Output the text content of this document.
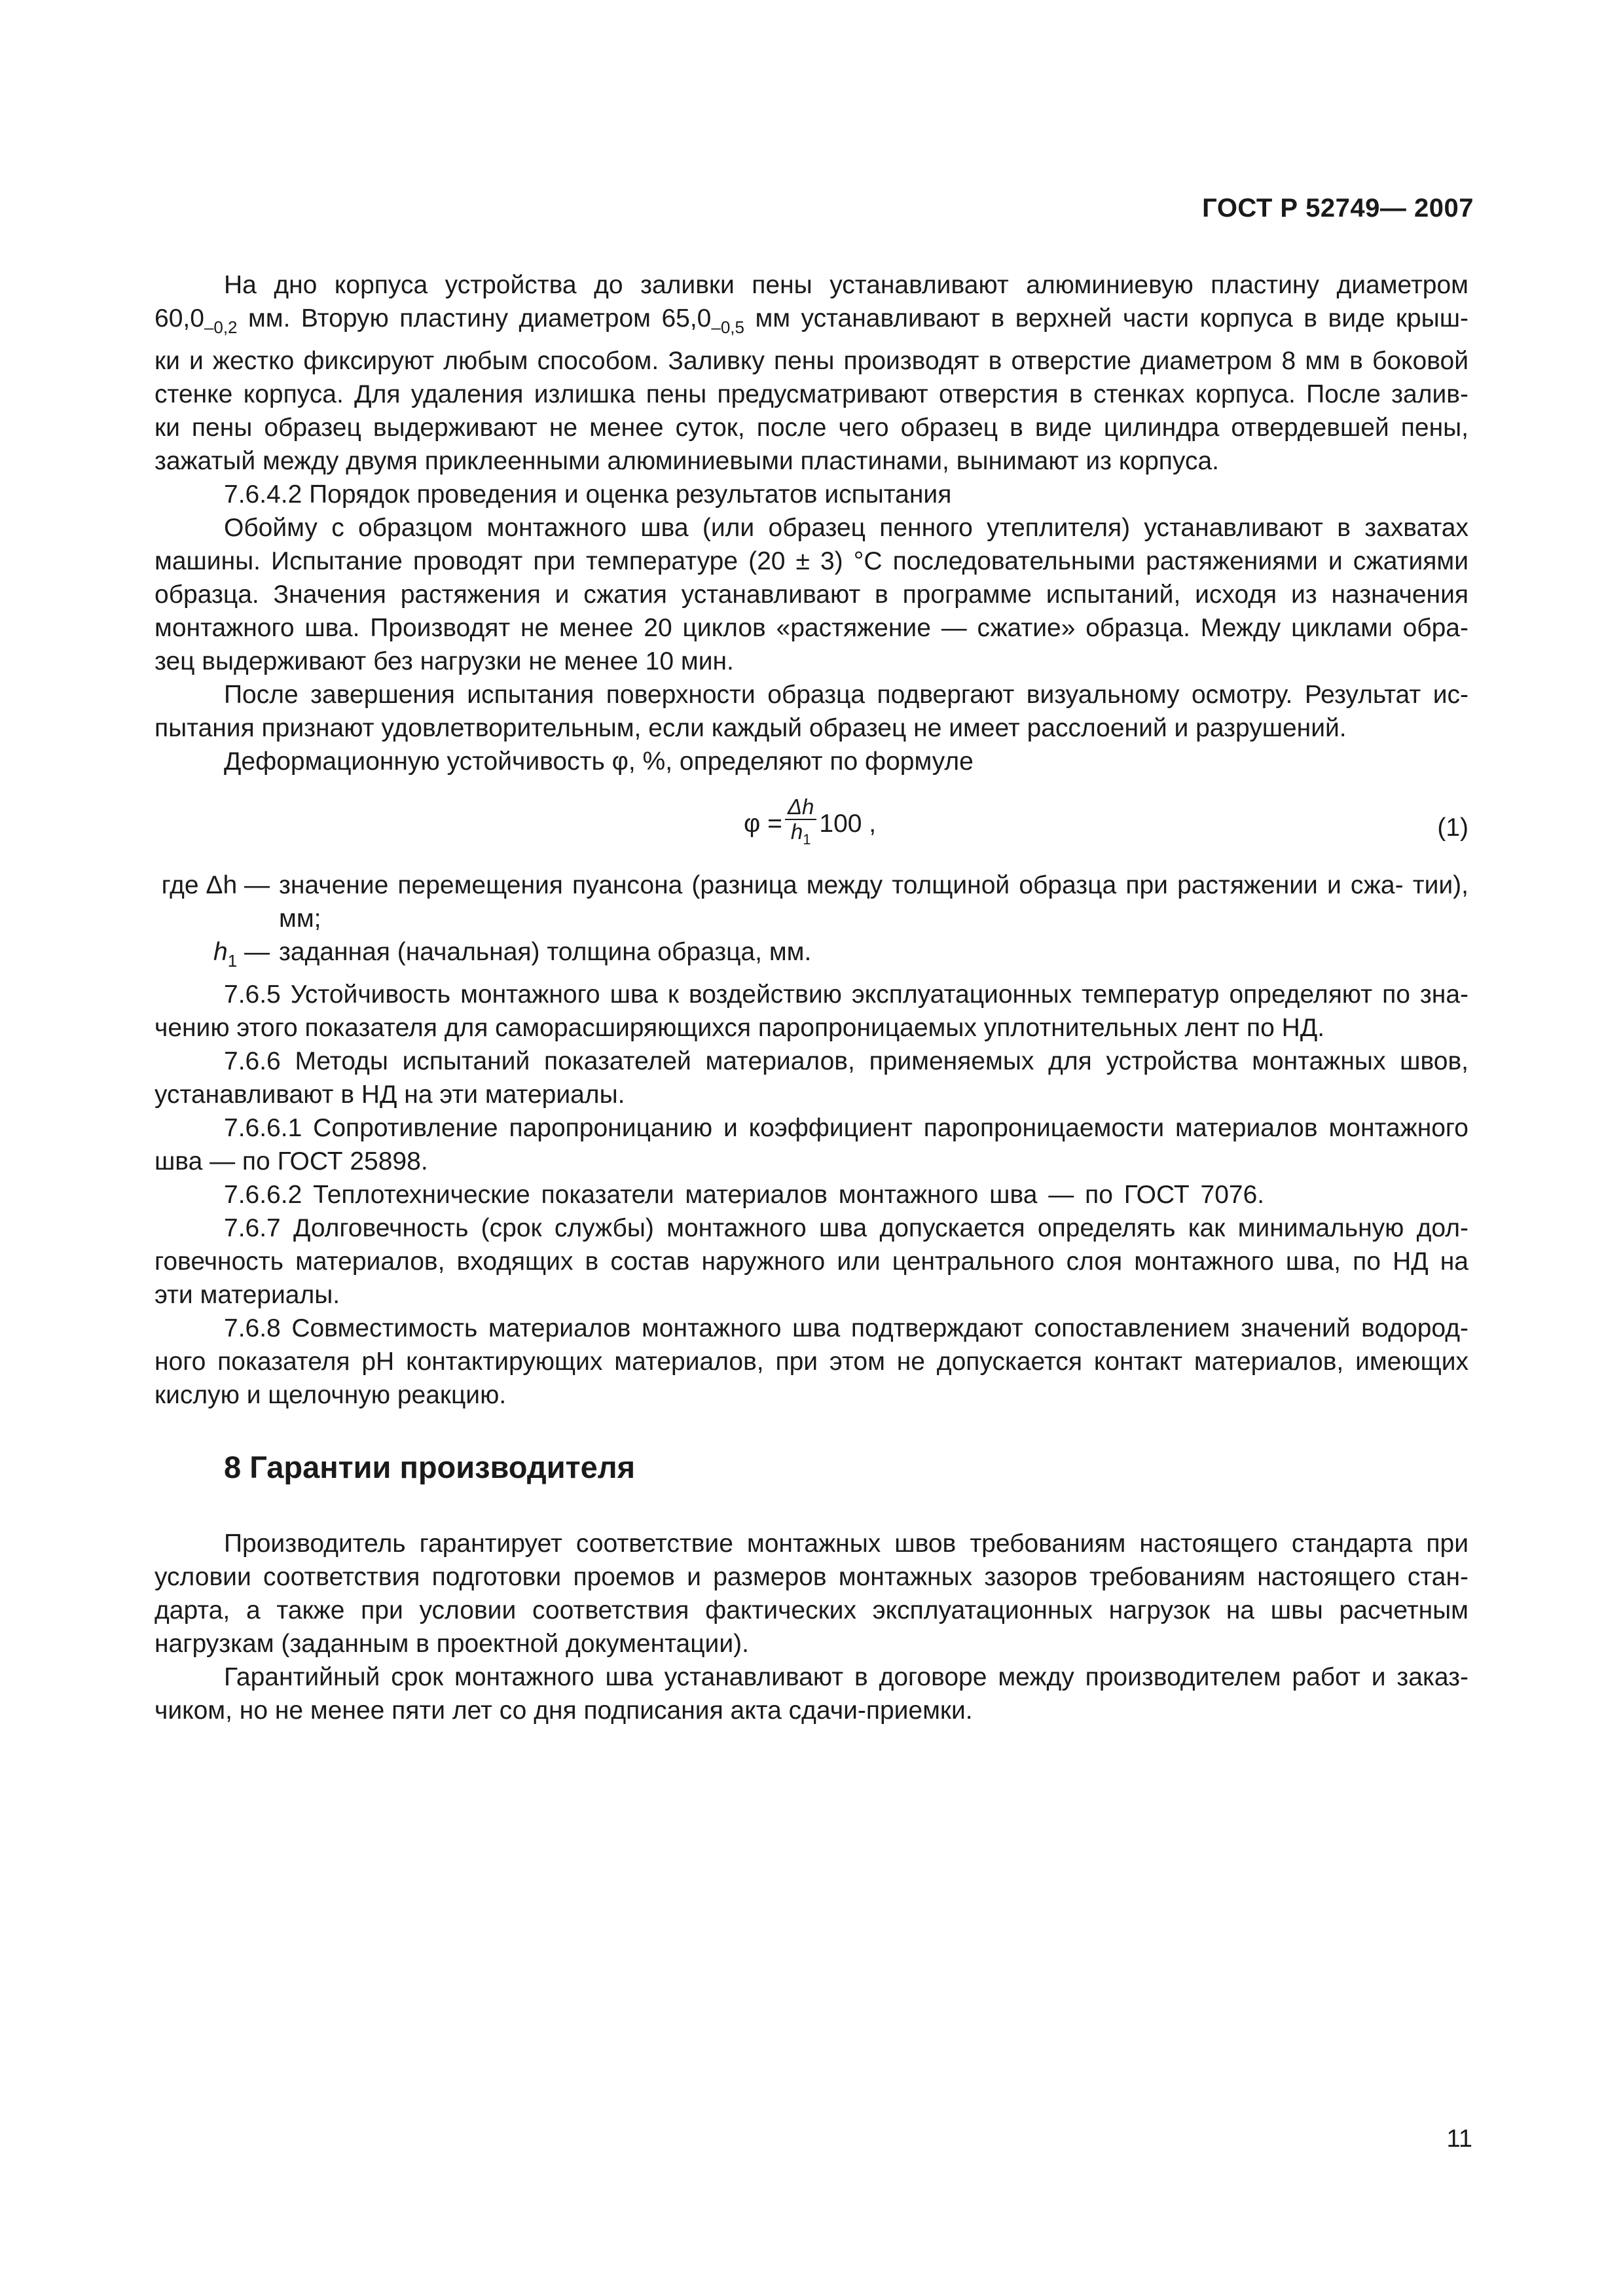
ГОСТ Р 52749— 2007
На дно корпуса устройства до заливки пены устанавливают алюминиевую пластину диаметром
$60,0_{-0,2}$ мм. Вторую пластину диаметром $65,0_{-0,5}$ мм устанавливают в верхней части корпуса в виде крыш-
ки и жестко фиксируют любым способом. Заливку пены производят в отверстие диаметром 8 мм в боковой
стенке корпуса. Для удаления излишка пены предусматривают отверстия в стенках корпуса. После залив-
ки пены образец выдерживают не менее суток, после чего образец в виде цилиндра отвердевшей пены,
зажатый между двумя приклеенными алюминиевыми пластинами, вынимают из корпуса.

7.6.4.2 Порядок проведения и оценка результатов испытания

Обойму с образцом монтажного шва (или образец пенного утеплителя) устанавливают в захватах
машины. Испытание проводят при температуре (20 ± 3) °С последовательными растяжениями и сжатиями
образца. Значения растяжения и сжатия устанавливают в программе испытаний, исходя из назначения
монтажного шва. Производят не менее 20 циклов «растяжение — сжатие» образца. Между циклами обра-
зец выдерживают без нагрузки не менее 10 мин.
После завершения испытания поверхности образца подвергают визуальному осмотру. Результат ис-
пытания признают удовлетворительным, если каждый образец не имеет расслоений и разрушений.

Деформационную устойчивость φ, %, определяют по формуле

$\varphi = \frac{\Delta h}{h_1} 100$ ,	(1)
где Δh — значение перемещения пуансона (разница между толщиной образца при растяжении и сжа- тии), мм;
$h_1$ — заданная (начальная) толщина образца, мм.
7.6.5 Устойчивость монтажного шва к воздействию эксплуатационных температур определяют по зна-
чению этого показателя для саморасширяющихся паропроницаемых уплотнительных лент по НД.
7.6.6 Методы испытаний показателей материалов, применяемых для устройства монтажных швов,
устанавливают в НД на эти материалы.
7.6.6.1 Сопротивление паропроницанию и коэффициент паропроницаемости материалов монтажного
шва — по ГОСТ 25898.

7.6.6.2 Теплотехнические показатели материалов монтажного шва — по ГОСТ 7076.

7.6.7 Долговечность (срок службы) монтажного шва допускается определять как минимальную дол-
говечность материалов, входящих в состав наружного или центрального слоя монтажного шва, по НД на
эти материалы.
7.6.8 Совместимость материалов монтажного шва подтверждают сопоставлением значений водород-
ного показателя рН контактирующих материалов, при этом не допускается контакт материалов, имеющих
кислую и щелочную реакцию.
8 Гарантии производителя
Производитель гарантирует соответствие монтажных швов требованиям настоящего стандарта при
условии соответствия подготовки проемов и размеров монтажных зазоров требованиям настоящего стан-
дарта, а также при условии соответствия фактических эксплуатационных нагрузок на швы расчетным
нагрузкам (заданным в проектной документации).
Гарантийный срок монтажного шва устанавливают в договоре между производителем работ и заказ-
чиком, но не менее пяти лет со дня подписания акта сдачи-приемки.
11
